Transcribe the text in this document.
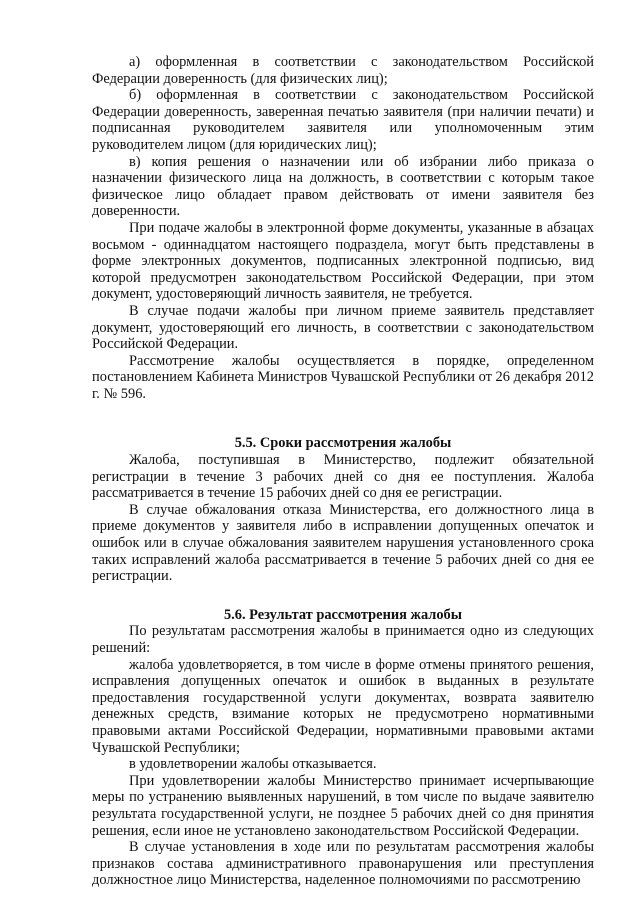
а) оформленная в соответствии с законодательством Российской Федерации доверенность (для физических лиц);

б) оформленная в соответствии с законодательством Российской Федерации доверенность, заверенная печатью заявителя (при наличии печати) и подписанная руководителем заявителя или уполномоченным этим руководителем лицом (для юридических лиц);

в) копия решения о назначении или об избрании либо приказа о назначении физического лица на должность, в соответствии с которым такое физическое лицо обладает правом действовать от имени заявителя без доверенности.

При подаче жалобы в электронной форме документы, указанные в абзацах восьмом - одиннадцатом настоящего подраздела, могут быть представлены в форме электронных документов, подписанных электронной подписью, вид которой предусмотрен законодательством Российской Федерации, при этом документ, удостоверяющий личность заявителя, не требуется.

В случае подачи жалобы при личном приеме заявитель представляет документ, удостоверяющий его личность, в соответствии с законодательством Российской Федерации.

Рассмотрение жалобы осуществляется в порядке, определенном постановлением Кабинета Министров Чувашской Республики от 26 декабря 2012 г. № 596.

5.5. Сроки рассмотрения жалобы

Жалоба, поступившая в Министерство, подлежит обязательной регистрации в течение 3 рабочих дней со дня ее поступления. Жалоба рассматривается в течение 15 рабочих дней со дня ее регистрации.

В случае обжалования отказа Министерства, его должностного лица в приеме документов у заявителя либо в исправлении допущенных опечаток и ошибок или в случае обжалования заявителем нарушения установленного срока таких исправлений жалоба рассматривается в течение 5 рабочих дней со дня ее регистрации.

5.6. Результат рассмотрения жалобы

По результатам рассмотрения жалобы в принимается одно из следующих решений:

жалоба удовлетворяется, в том числе в форме отмены принятого решения, исправления допущенных опечаток и ошибок в выданных в результате предоставления государственной услуги документах, возврата заявителю денежных средств, взимание которых не предусмотрено нормативными правовыми актами Российской Федерации, нормативными правовыми актами Чувашской Республики;

в удовлетворении жалобы отказывается.

При удовлетворении жалобы Министерство принимает исчерпывающие меры по устранению выявленных нарушений, в том числе по выдаче заявителю результата государственной услуги, не позднее 5 рабочих дней со дня принятия решения, если иное не установлено законодательством Российской Федерации.

В случае установления в ходе или по результатам рассмотрения жалобы признаков состава административного правонарушения или преступления должностное лицо Министерства, наделенное полномочиями по рассмотрению
